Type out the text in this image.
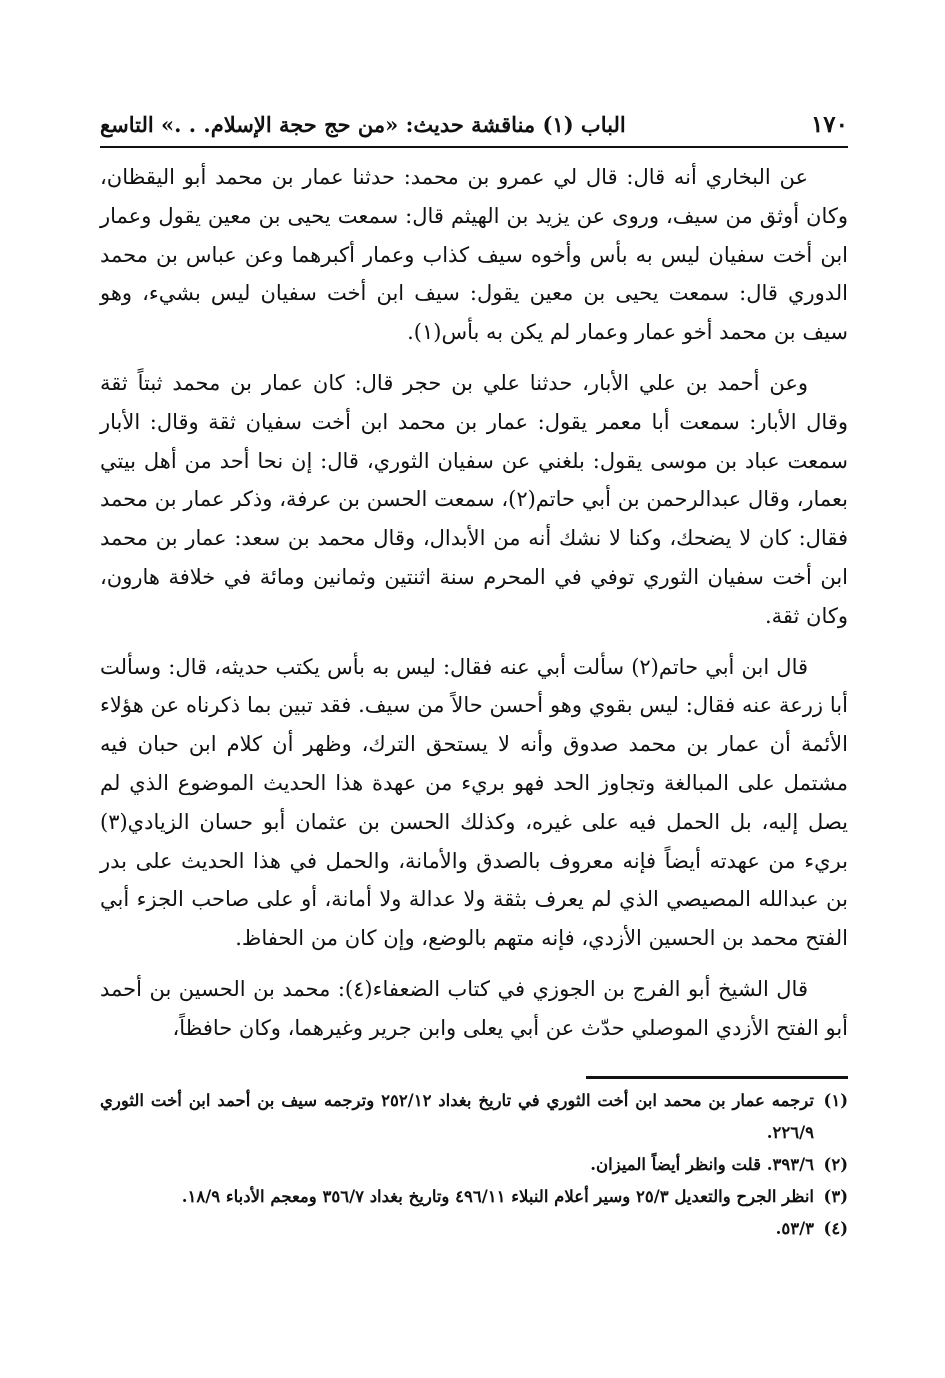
١٧٠
الباب (١) مناقشة حديث: «من حج حجة الإسلام. . .» التاسع

عن البخاري أنه قال: قال لي عمرو بن محمد: حدثنا عمار بن محمد أبو اليقظان، وكان أوثق من سيف، وروى عن يزيد بن الهيثم قال: سمعت يحيى بن معين يقول وعمار ابن أخت سفيان ليس به بأس وأخوه سيف كذاب وعمار أكبرهما وعن عباس بن محمد الدوري قال: سمعت يحيى بن معين يقول: سيف ابن أخت سفيان ليس بشيء، وهو سيف بن محمد أخو عمار وعمار لم يكن به بأس(١).

وعن أحمد بن علي الأبار، حدثنا علي بن حجر قال: كان عمار بن محمد ثبتاً ثقة وقال الأبار: سمعت أبا معمر يقول: عمار بن محمد ابن أخت سفيان ثقة وقال: الأبار سمعت عباد بن موسى يقول: بلغني عن سفيان الثوري، قال: إن نحا أحد من أهل بيتي بعمار، وقال عبدالرحمن بن أبي حاتم(٢)، سمعت الحسن بن عرفة، وذكر عمار بن محمد فقال: كان لا يضحك، وكنا لا نشك أنه من الأبدال، وقال محمد بن سعد: عمار بن محمد ابن أخت سفيان الثوري توفي في المحرم سنة اثنتين وثمانين ومائة في خلافة هارون، وكان ثقة.

قال ابن أبي حاتم(٢) سألت أبي عنه فقال: ليس به بأس يكتب حديثه، قال: وسألت أبا زرعة عنه فقال: ليس بقوي وهو أحسن حالاً من سيف. فقد تبين بما ذكرناه عن هؤلاء الأئمة أن عمار بن محمد صدوق وأنه لا يستحق الترك، وظهر أن كلام ابن حبان فيه مشتمل على المبالغة وتجاوز الحد فهو بريء من عهدة هذا الحديث الموضوع الذي لم يصل إليه، بل الحمل فيه على غيره، وكذلك الحسن بن عثمان أبو حسان الزيادي(٣) بريء من عهدته أيضاً فإنه معروف بالصدق والأمانة، والحمل في هذا الحديث على بدر بن عبدالله المصيصي الذي لم يعرف بثقة ولا عدالة ولا أمانة، أو على صاحب الجزء أبي الفتح محمد بن الحسين الأزدي، فإنه متهم بالوضع، وإن كان من الحفاظ.

قال الشيخ أبو الفرج بن الجوزي في كتاب الضعفاء(٤): محمد بن الحسين بن أحمد أبو الفتح الأزدي الموصلي حدّث عن أبي يعلى وابن جرير وغيرهما، وكان حافظاً،

(١)
ترجمه عمار بن محمد ابن أخت الثوري في تاريخ بغداد ٢٥٢/١٢ وترجمه سيف بن أحمد ابن أخت الثوري ٢٢٦/٩.
(٢)
٣٩٣/٦. قلت وانظر أيضاً الميزان.
(٣)
انظر الجرح والتعديل ٢٥/٣ وسير أعلام النبلاء ٤٩٦/١١ وتاريخ بغداد ٣٥٦/٧ ومعجم الأدباء ١٨/٩.
(٤)
٥٣/٣.
